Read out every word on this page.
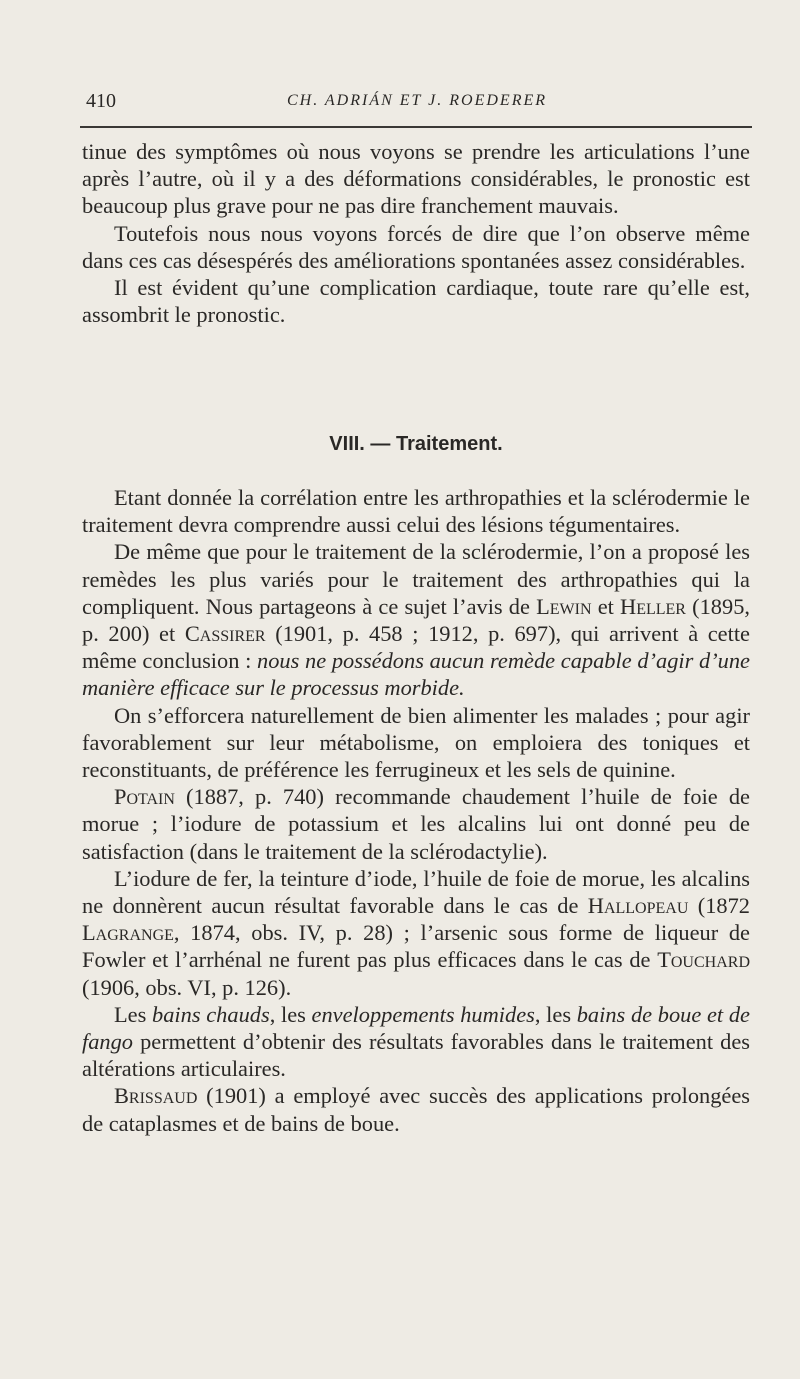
410	CH. ADRIÁN ET J. ROEDERER

tinue des symptômes où nous voyons se prendre les articulations l’une après l’autre, où il y a des déformations considérables, le pronostic est beaucoup plus grave pour ne pas dire franchement mauvais.

Toutefois nous nous voyons forcés de dire que l’on observe même dans ces cas désespérés des améliorations spontanées assez considérables.

Il est évident qu’une complication cardiaque, toute rare qu’elle est, assombrit le pronostic.

VIII. — Traitement.

Etant donnée la corrélation entre les arthropathies et la sclérodermie le traitement devra comprendre aussi celui des lésions tégumentaires.

De même que pour le traitement de la sclérodermie, l’on a proposé les remèdes les plus variés pour le traitement des arthropathies qui la compliquent. Nous partageons à ce sujet l’avis de Lewin et Heller (1895, p. 200) et Cassirer (1901, p. 458 ; 1912, p. 697), qui arrivent à cette même conclusion : nous ne possédons aucun remède capable d’agir d’une manière efficace sur le processus morbide.

On s’efforcera naturellement de bien alimenter les malades ; pour agir favorablement sur leur métabolisme, on emploiera des toniques et reconstituants, de préférence les ferrugineux et les sels de quinine.

Potain (1887, p. 740) recommande chaudement l’huile de foie de morue ; l’iodure de potassium et les alcalins lui ont donné peu de satisfaction (dans le traitement de la sclérodactylie).

L’iodure de fer, la teinture d’iode, l’huile de foie de morue, les alcalins ne donnèrent aucun résultat favorable dans le cas de Hallopeau (1872 Lagrange, 1874, obs. IV, p. 28) ; l’arsenic sous forme de liqueur de Fowler et l’arrhénal ne furent pas plus efficaces dans le cas de Touchard (1906, obs. VI, p. 126).

Les bains chauds, les enveloppements humides, les bains de boue et de fango permettent d’obtenir des résultats favorables dans le traitement des altérations articulaires.

Brissaud (1901) a employé avec succès des applications prolongées de cataplasmes et de bains de boue.
